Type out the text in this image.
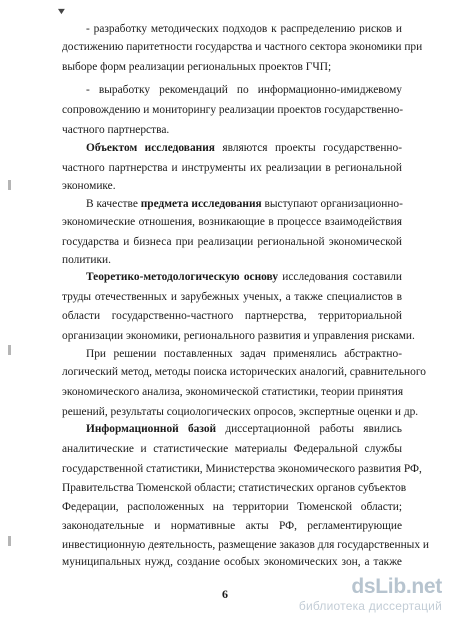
▼
- разработку методических подходов к распределению рисков и
достижению паритетности государства и частного сектора экономики при
выборе форм реализации региональных проектов ГЧП;
- выработку рекомендаций по информационно-имиджевому
сопровождению и мониторингу реализации проектов государственно-
частного партнерства.
Объектом исследования являются проекты государственно-
частного партнерства и инструменты их реализации в региональной
экономике.
В качестве предмета исследования выступают организационно-
экономические отношения, возникающие в процессе взаимодействия
государства и бизнеса при реализации региональной экономической
политики.
Теоретико-методологическую основу исследования составили
труды отечественных и зарубежных ученых, а также специалистов в
области государственно-частного партнерства, территориальной
организации экономики, регионального развития и управления рисками.
При решении поставленных задач применялись абстрактно-
логический метод, методы поиска исторических аналогий, сравнительного
экономического анализа, экономической статистики, теории принятия
решений, результаты социологических опросов, экспертные оценки и др.
Информационной базой диссертационной работы явились
аналитические и статистические материалы Федеральной службы
государственной статистики, Министерства экономического развития РФ,
Правительства Тюменской области; статистических органов субъектов
Федерации, расположенных на территории Тюменской области;
законодательные и нормативные акты РФ, регламентирующие
инвестиционную деятельность, размещение заказов для государственных и
муниципальных нужд, создание особых экономических зон, а также
6	dsLib.net
библиотека диссертаций
